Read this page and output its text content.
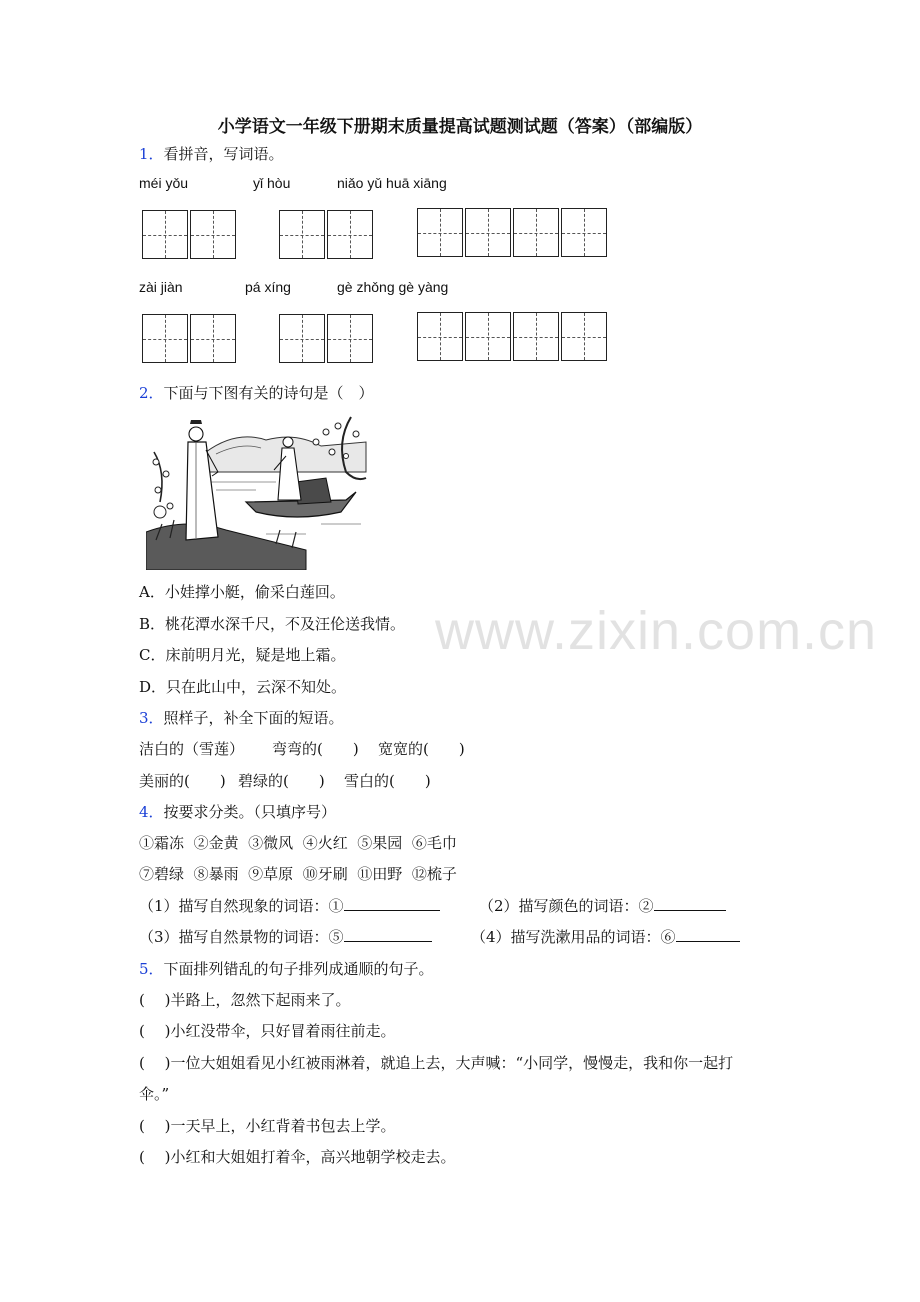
小学语文一年级下册期末质量提高试题测试题（答案）（部编版）
1．看拼音，写词语。
méi yǒu	yǐ hòu	niǎo yǔ huā xiāng
zài jiàn	pá xíng	gè zhǒng gè yàng
2．下面与下图有关的诗句是（　）
A．小娃撑小艇，偷采白莲回。
B．桃花潭水深千尺，不及汪伦送我情。
C．床前明月光，疑是地上霜。
D．只在此山中，云深不知处。
www.zixin.com.cn
3．照样子，补全下面的短语。
洁白的（雪莲） 弯弯的(　　) 宽宽的(　　)
美丽的(　　) 碧绿的(　　) 雪白的(　　)
4．按要求分类。（只填序号）
①霜冻 ②金黄 ③微风 ④火红 ⑤果园 ⑥毛巾
⑦碧绿 ⑧暴雨 ⑨草原 ⑩牙刷 ⑪田野 ⑫梳子
（1）描写自然现象的词语：①	（2）描写颜色的词语：②
（3）描写自然景物的词语：⑤	（4）描写洗漱用品的词语：⑥
5．下面排列错乱的句子排列成通顺的句子。
(　 )半路上，忽然下起雨来了。
(　 )小红没带伞，只好冒着雨往前走。
(　 )一位大姐姐看见小红被雨淋着，就追上去，大声喊：“小同学，慢慢走，我和你一起打
伞。”
(　 )一天早上，小红背着书包去上学。
(　 )小红和大姐姐打着伞，高兴地朝学校走去。
